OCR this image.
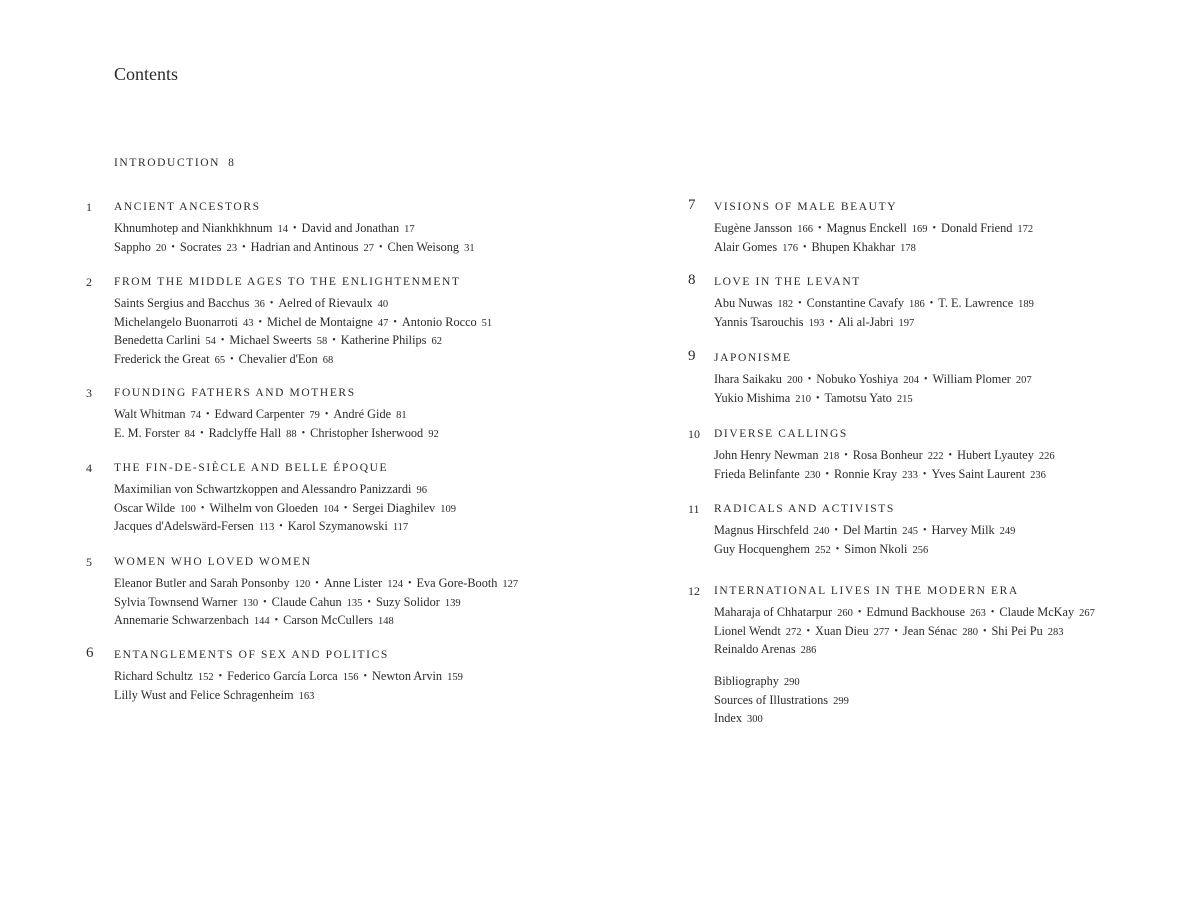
Contents
INTRODUCTION 8
1 ANCIENT ANCESTORS
Khnumhotep and Niankhkhnum 14 • David and Jonathan 17
Sappho 20 • Socrates 23 • Hadrian and Antinous 27 • Chen Weisong 31
2 FROM THE MIDDLE AGES TO THE ENLIGHTENMENT
Saints Sergius and Bacchus 36 • Aelred of Rievaulx 40
Michelangelo Buonarroti 43 • Michel de Montaigne 47 • Antonio Rocco 51
Benedetta Carlini 54 • Michael Sweerts 58 • Katherine Philips 62
Frederick the Great 65 • Chevalier d'Eon 68
3 FOUNDING FATHERS AND MOTHERS
Walt Whitman 74 • Edward Carpenter 79 • André Gide 81
E. M. Forster 84 • Radclyffe Hall 88 • Christopher Isherwood 92
4 THE FIN-DE-SIÈCLE AND BELLE ÉPOQUE
Maximilian von Schwartzkoppen and Alessandro Panizzardi 96
Oscar Wilde 100 • Wilhelm von Gloeden 104 • Sergei Diaghilev 109
Jacques d'Adelswärd-Fersen 113 • Karol Szymanowski 117
5 WOMEN WHO LOVED WOMEN
Eleanor Butler and Sarah Ponsonby 120 • Anne Lister 124 • Eva Gore-Booth 127
Sylvia Townsend Warner 130 • Claude Cahun 135 • Suzy Solidor 139
Annemarie Schwarzenbach 144 • Carson McCullers 148
6 ENTANGLEMENTS OF SEX AND POLITICS
Richard Schultz 152 • Federico García Lorca 156 • Newton Arvin 159
Lilly Wust and Felice Schragenheim 163
7 VISIONS OF MALE BEAUTY
Eugène Jansson 166 • Magnus Enckell 169 • Donald Friend 172
Alair Gomes 176 • Bhupen Khakhar 178
8 LOVE IN THE LEVANT
Abu Nuwas 182 • Constantine Cavafy 186 • T. E. Lawrence 189
Yannis Tsarouchis 193 • Ali al-Jabri 197
9 JAPONISME
Ihara Saikaku 200 • Nobuko Yoshiya 204 • William Plomer 207
Yukio Mishima 210 • Tamotsu Yato 215
10 DIVERSE CALLINGS
John Henry Newman 218 • Rosa Bonheur 222 • Hubert Lyautey 226
Frieda Belinfante 230 • Ronnie Kray 233 • Yves Saint Laurent 236
11 RADICALS AND ACTIVISTS
Magnus Hirschfeld 240 • Del Martin 245 • Harvey Milk 249
Guy Hocquenghem 252 • Simon Nkoli 256
12 INTERNATIONAL LIVES IN THE MODERN ERA
Maharaja of Chhatarpur 260 • Edmund Backhouse 263 • Claude McKay 267
Lionel Wendt 272 • Xuan Dieu 277 • Jean Sénac 280 • Shi Pei Pu 283
Reinaldo Arenas 286
Bibliography 290
Sources of Illustrations 299
Index 300
